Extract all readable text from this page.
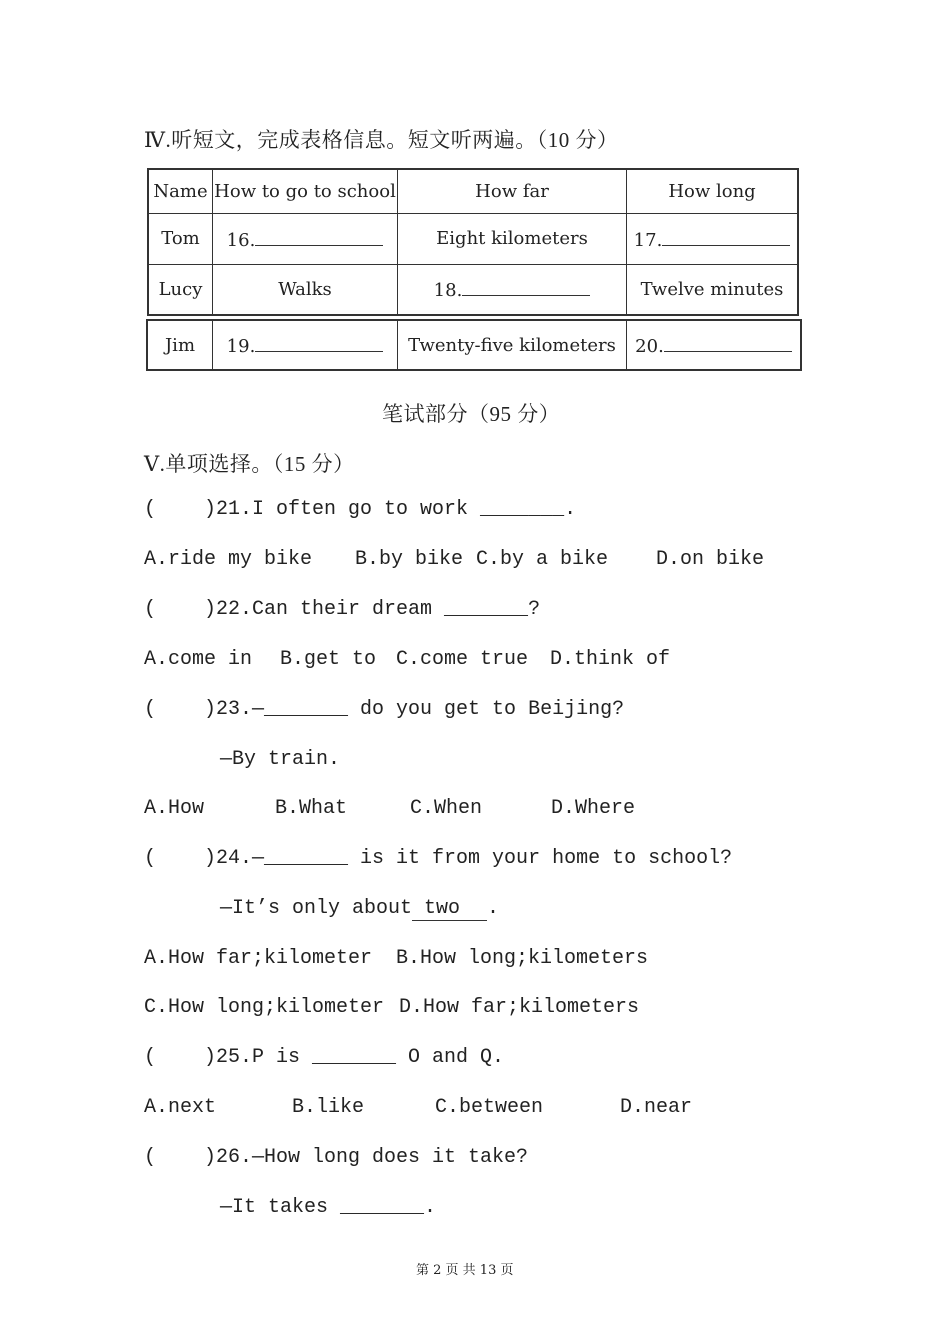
Ⅳ.听短文，完成表格信息。短文听两遍。（10 分）
Name	How to go to school	How far	How long
Tom	16.	Eight kilometers	17.
Lucy	Walks	18.	Twelve minutes
Jim	19.	Twenty-five kilometers	20.
笔试部分（95 分）
Ⅴ.单项选择。（15 分）
(    )21.I often go to work _______.
A.ride my bike B.by bike C.by a bike D.on bike
(    )22.Can their dream _______?
A.come in B.get to C.come true D.think of
(    )23.—_______ do you get to Beijing?
—By train.
A.How	B.What	C.When	D.Where
(    )24.—_______ is it from your home to school?
—It’s only about two .
A.How far;kilometer B.How long;kilometers
C.How long;kilometer D.How far;kilometers
(    )25.P is _______ O and Q.
A.next	B.like	C.between	D.near
(    )26.—How long does it take?
—It takes _______.
第 2 页 共 13 页
